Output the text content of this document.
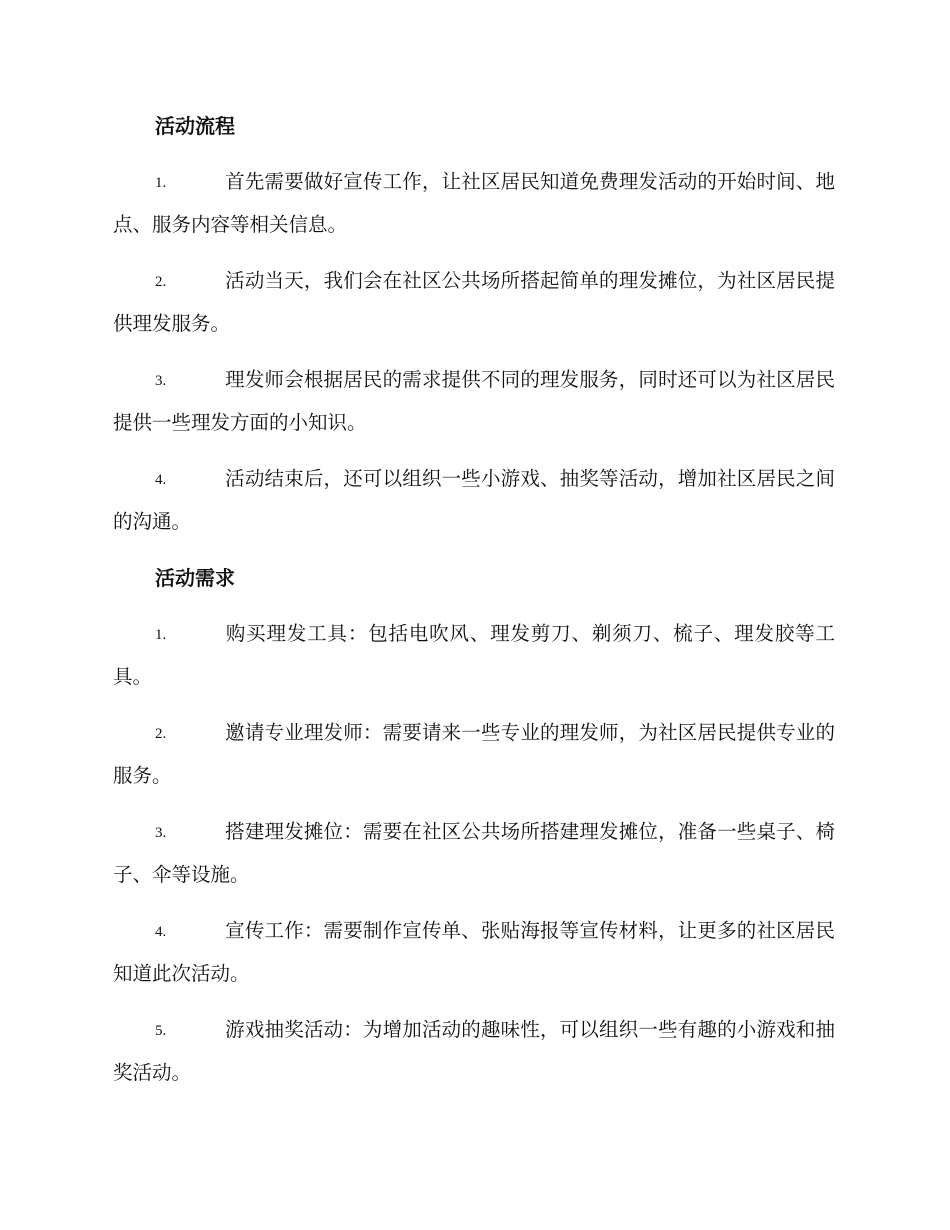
活动流程

1.	首先需要做好宣传工作，让社区居民知道免费理发活动的开始时间、地点、服务内容等相关信息。

2.	活动当天，我们会在社区公共场所搭起简单的理发摊位，为社区居民提供理发服务。

3.	理发师会根据居民的需求提供不同的理发服务，同时还可以为社区居民提供一些理发方面的小知识。

4.	活动结束后，还可以组织一些小游戏、抽奖等活动，增加社区居民之间的沟通。

活动需求

1.	购买理发工具：包括电吹风、理发剪刀、剃须刀、梳子、理发胶等工具。

2.	邀请专业理发师：需要请来一些专业的理发师，为社区居民提供专业的服务。

3.	搭建理发摊位：需要在社区公共场所搭建理发摊位，准备一些桌子、椅子、伞等设施。

4.	宣传工作：需要制作宣传单、张贴海报等宣传材料，让更多的社区居民知道此次活动。

5.	游戏抽奖活动：为增加活动的趣味性，可以组织一些有趣的小游戏和抽奖活动。
